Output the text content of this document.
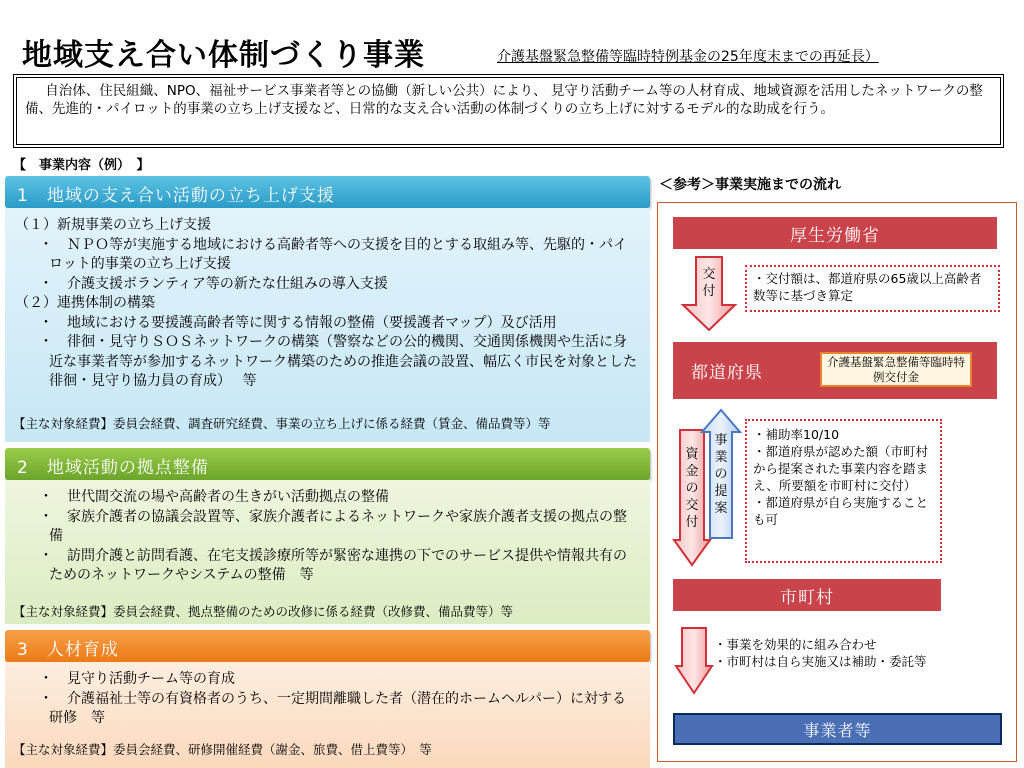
地域支え合い体制づくり事業	介護基盤緊急整備等臨時特例基金の25年度末までの再延長）
自治体、住民組織、NPO、福祉サービス事業者等との協働（新しい公共）により、 見守り活動チーム等の人材育成、地域資源を活用したネットワークの整備、先進的・パイロット的事業の立ち上げ支援など、日常的な支え合い活動の体制づくりの立ち上げに対するモデル的な助成を行う。
【　事業内容（例）　】
1　地域の支え合い活動の立ち上げ支援
（１）新規事業の立ち上げ支援
・　ＮＰＯ等が実施する地域における高齢者等への支援を目的とする取組み等、先駆的・パイロット的事業の立ち上げ支援
・　介護支援ボランティア等の新たな仕組みの導入支援
（２）連携体制の構築
・　地域における要援護高齢者等に関する情報の整備（要援護者マップ）及び活用
・　徘徊・見守りＳＯＳネットワークの構築（警察などの公的機関、交通関係機関や生活に身近な事業者等が参加するネットワーク構築のための推進会議の設置、幅広く市民を対象とした徘徊・見守り協力員の育成）　 等
【主な対象経費】委員会経費、調査研究経費、事業の立ち上げに係る経費（賃金、備品費等）等
2　地域活動の拠点整備
・　世代間交流の場や高齢者の生きがい活動拠点の整備
・　家族介護者の協議会設置等、家族介護者によるネットワークや家族介護者支援の拠点の整備
・　訪問介護と訪問看護、在宅支援診療所等が緊密な連携の下でのサービス提供や情報共有のためのネットワークやシステムの整備　等
【主な対象経費】委員会経費、拠点整備のための改修に係る経費（改修費、備品費等）等
3　人材育成
・　見守り活動チーム等の育成
・　介護福祉士等の有資格者のうち、一定期間離職した者（潜在的ホームヘルパー）に対する研修　等
【主な対象経費】委員会経費、研修開催経費（謝金、旅費、借上費等）　等
＜参考＞事業実施までの流れ
厚生労働省
交付
・交付額は、都道府県の65歳以上高齢者数等に基づき算定
都道府県
介護基盤緊急整備等臨時特例交付金
資金の交付
事業の提案
・補助率10/10
・都道府県が認めた額（市町村から提案された事業内容を踏まえ、所要額を市町村に交付）
・都道府県が自ら実施することも可
市町村
・事業を効果的に組み合わせ
・市町村は自ら実施又は補助・委託等
事業者等
